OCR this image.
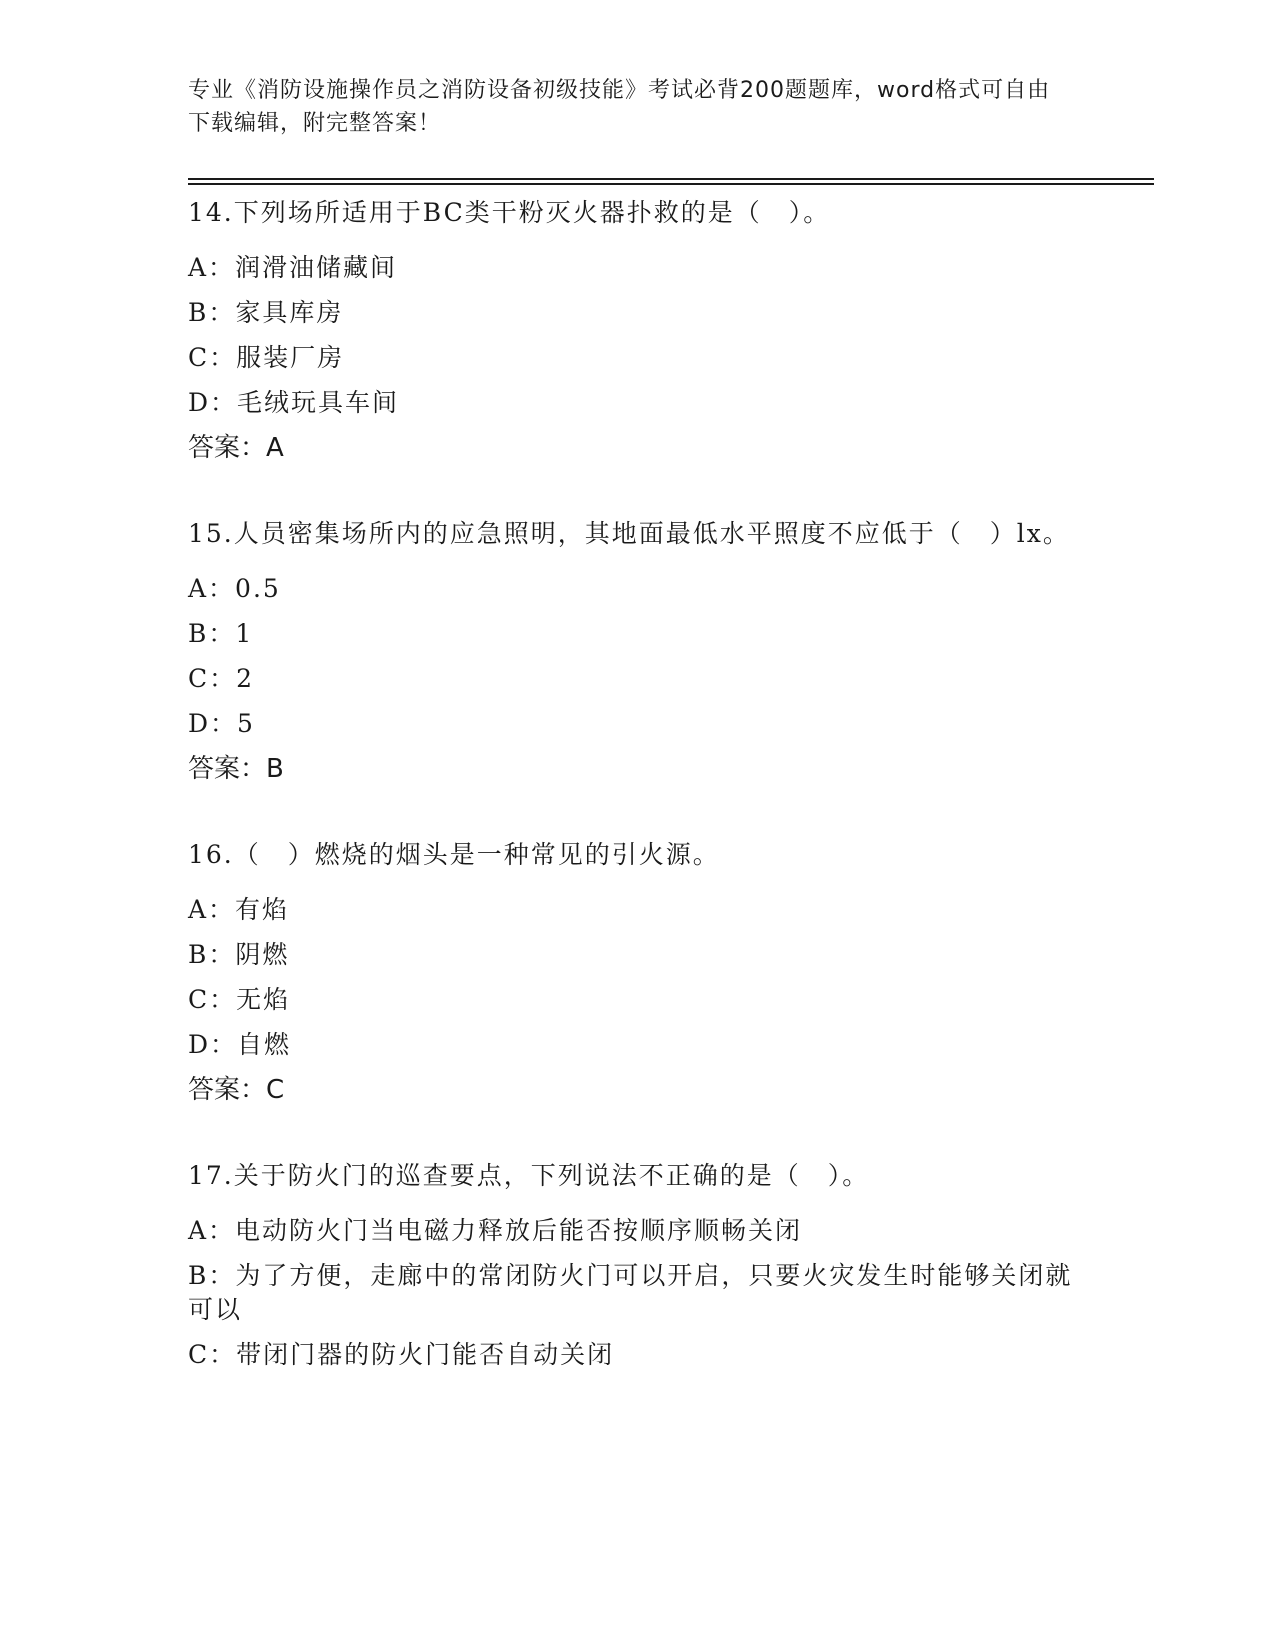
专业《消防设施操作员之消防设备初级技能》考试必背200题题库，word格式可自由下载编辑，附完整答案！

14.下列场所适用于BC类干粉灭火器扑救的是（　）。

A：润滑油储藏间

B：家具库房

C：服装厂房

D：毛绒玩具车间

答案：A

15.人员密集场所内的应急照明，其地面最低水平照度不应低于（　）lx。

A：0.5

B：1

C：2

D：5

答案：B

16.（　）燃烧的烟头是一种常见的引火源。

A：有焰

B：阴燃

C：无焰

D：自燃

答案：C

17.关于防火门的巡查要点，下列说法不正确的是（　）。

A：电动防火门当电磁力释放后能否按顺序顺畅关闭

B：为了方便，走廊中的常闭防火门可以开启，只要火灾发生时能够关闭就可以

C：带闭门器的防火门能否自动关闭
